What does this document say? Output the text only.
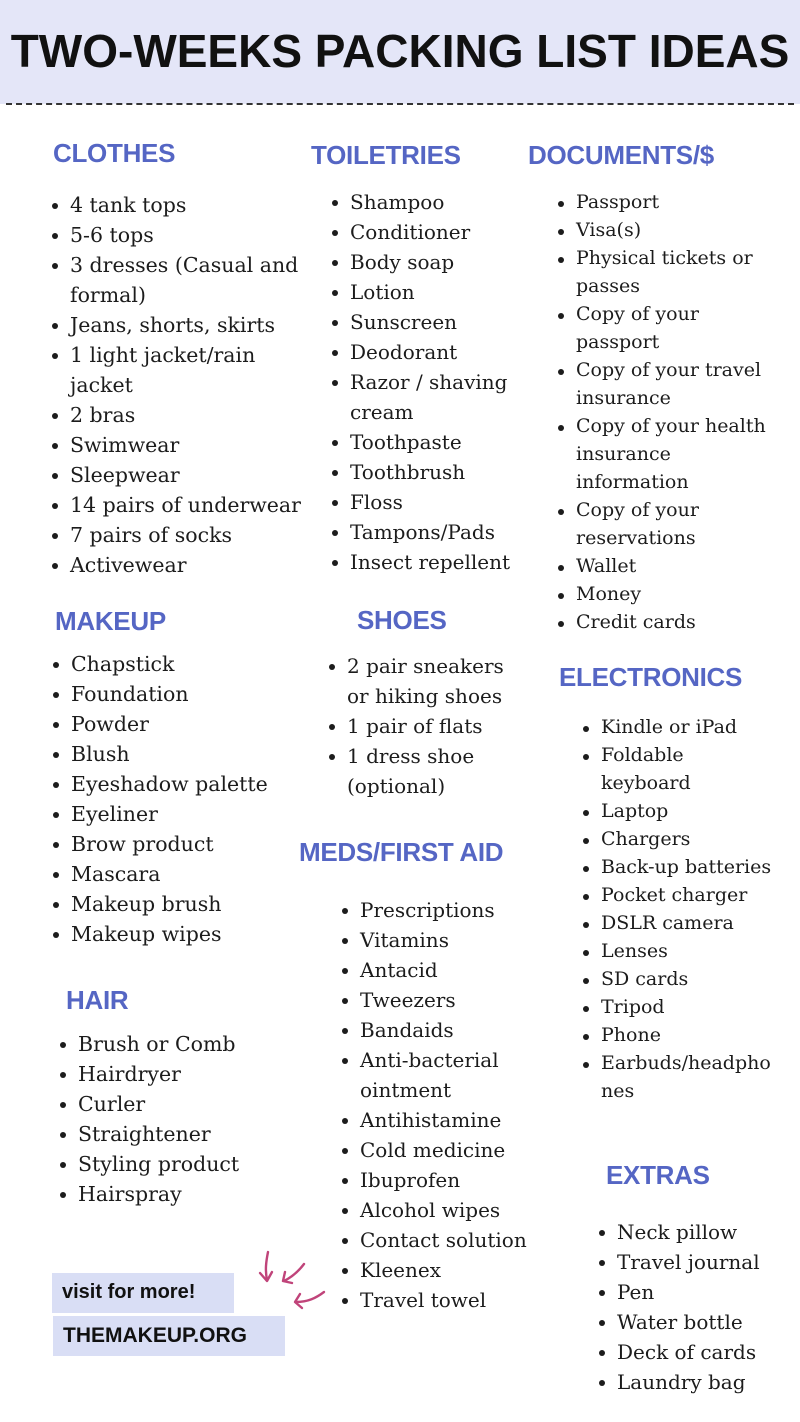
TWO-WEEKS PACKING LIST IDEAS
CLOTHES
4 tank tops
5-6 tops
3 dresses (Casual and formal)
Jeans, shorts, skirts
1 light jacket/rain jacket
2 bras
Swimwear
Sleepwear
14 pairs of underwear
7 pairs of socks
Activewear
MAKEUP
Chapstick
Foundation
Powder
Blush
Eyeshadow palette
Eyeliner
Brow product
Mascara
Makeup brush
Makeup wipes
HAIR
Brush or Comb
Hairdryer
Curler
Straightener
Styling product
Hairspray
TOILETRIES
Shampoo
Conditioner
Body soap
Lotion
Sunscreen
Deodorant
Razor / shaving cream
Toothpaste
Toothbrush
Floss
Tampons/Pads
Insect repellent
SHOES
2 pair sneakers or hiking shoes
1 pair of flats
1 dress shoe (optional)
MEDS/FIRST AID
Prescriptions
Vitamins
Antacid
Tweezers
Bandaids
Anti-bacterial ointment
Antihistamine
Cold medicine
Ibuprofen
Alcohol wipes
Contact solution
Kleenex
Travel towel
DOCUMENTS/$
Passport
Visa(s)
Physical tickets or passes
Copy of your passport
Copy of your travel insurance
Copy of your health insurance information
Copy of your reservations
Wallet
Money
Credit cards
ELECTRONICS
Kindle or iPad
Foldable keyboard
Laptop
Chargers
Back-up batteries
Pocket charger
DSLR camera
Lenses
SD cards
Tripod
Phone
Earbuds/headphones
EXTRAS
Neck pillow
Travel journal
Pen
Water bottle
Deck of cards
Laundry bag
visit for more!
THEMAKEUP.ORG
